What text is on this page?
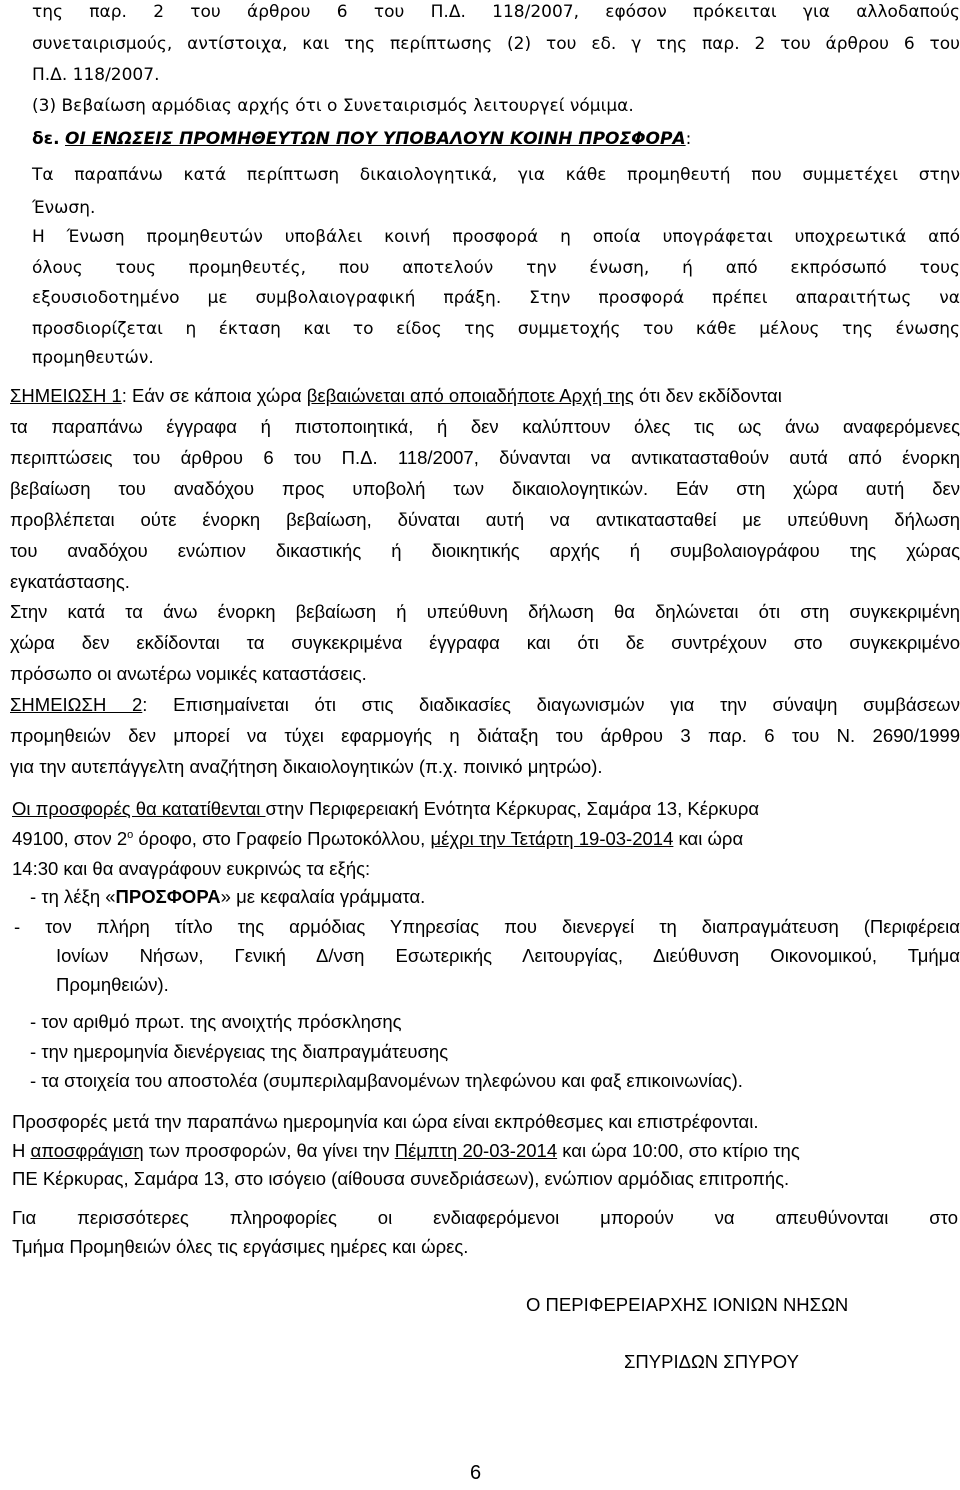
της παρ. 2 του άρθρου 6 του Π.Δ. 118/2007, εφόσον πρόκειται για αλλοδαπούς
συνεταιρισμούς, αντίστοιχα, και της περίπτωσης (2) του εδ. γ της παρ. 2 του άρθρου 6 του
Π.Δ. 118/2007.
(3) Βεβαίωση αρμόδιας αρχής ότι ο Συνεταιρισμός λειτουργεί νόμιμα.
δε. ΟΙ ΕΝΩΣΕΙΣ ΠΡΟΜΗΘΕΥΤΩΝ ΠΟΥ ΥΠΟΒΑΛΟΥΝ ΚΟΙΝΗ ΠΡΟΣΦΟΡΑ:
Τα παραπάνω κατά περίπτωση δικαιολογητικά, για κάθε προμηθευτή που συμμετέχει στην
Ένωση.
Η Ένωση προμηθευτών υποβάλει κοινή προσφορά η οποία υπογράφεται υποχρεωτικά από
όλους τους προμηθευτές, που αποτελούν την ένωση, ή από εκπρόσωπό τους
εξουσιοδοτημένο με συμβολαιογραφική πράξη. Στην προσφορά πρέπει απαραιτήτως να
προσδιορίζεται η έκταση και το είδος της συμμετοχής του κάθε μέλους της ένωσης
προμηθευτών.
ΣΗΜΕΙΩΣΗ 1: Εάν σε κάποια χώρα βεβαιώνεται από οποιαδήποτε Αρχή της ότι δεν εκδίδονται
τα παραπάνω έγγραφα ή πιστοποιητικά, ή δεν καλύπτουν όλες τις ως άνω αναφερόμενες
περιπτώσεις του άρθρου 6 του Π.Δ. 118/2007, δύνανται να αντικατασταθούν αυτά από ένορκη
βεβαίωση του αναδόχου προς υποβολή των δικαιολογητικών. Εάν στη χώρα αυτή δεν
προβλέπεται ούτε ένορκη βεβαίωση, δύναται αυτή να αντικατασταθεί με υπεύθυνη δήλωση
του αναδόχου ενώπιον δικαστικής ή διοικητικής αρχής ή συμβολαιογράφου της χώρας
εγκατάστασης.
Στην κατά τα άνω ένορκη βεβαίωση ή υπεύθυνη δήλωση θα δηλώνεται ότι στη συγκεκριμένη
χώρα δεν εκδίδονται τα συγκεκριμένα έγγραφα και ότι δε συντρέχουν στο συγκεκριμένο
πρόσωπο οι ανωτέρω νομικές καταστάσεις.
ΣΗΜΕΙΩΣΗ 2: Επισημαίνεται ότι στις διαδικασίες διαγωνισμών για την σύναψη συμβάσεων
προμηθειών δεν μπορεί να τύχει εφαρμογής η διάταξη του άρθρου 3 παρ. 6 του Ν. 2690/1999
για την αυτεπάγγελτη αναζήτηση δικαιολογητικών (π.χ. ποινικό μητρώο).
Οι προσφορές θα κατατίθενται στην Περιφερειακή Ενότητα Κέρκυρας, Σαμάρα 13, Κέρκυρα
49100, στον $2^o$ όροφο, στο Γραφείο Πρωτοκόλλου, μέχρι την Τετάρτη 19-03-2014 και ώρα
14:30 και θα αναγράφουν ευκρινώς τα εξής:
- τη λέξη «ΠΡΟΣΦΟΡΑ» με κεφαλαία γράμματα.
- τον πλήρη τίτλο της αρμόδιας Υπηρεσίας που διενεργεί τη διαπραγμάτευση (Περιφέρεια
Ιονίων Νήσων, Γενική Δ/νση Εσωτερικής Λειτουργίας, Διεύθυνση Οικονομικού, Τμήμα
Προμηθειών).
- τον αριθμό πρωτ. της ανοιχτής πρόσκλησης
- την ημερομηνία διενέργειας της διαπραγμάτευσης
- τα στοιχεία του αποστολέα (συμπεριλαμβανομένων τηλεφώνου και φαξ επικοινωνίας).
Προσφορές μετά την παραπάνω ημερομηνία και ώρα είναι εκπρόθεσμες και επιστρέφονται.
Η αποσφράγιση των προσφορών, θα γίνει την Πέμπτη 20-03-2014 και ώρα 10:00, στο κτίριο της
ΠΕ Κέρκυρας, Σαμάρα 13, στο ισόγειο (αίθουσα συνεδριάσεων), ενώπιον αρμόδιας επιτροπής.
Για περισσότερες πληροφορίες οι ενδιαφερόμενοι μπορούν να απευθύνονται στο
Τμήμα Προμηθειών όλες τις εργάσιμες ημέρες και ώρες.
Ο ΠΕΡΙΦΕΡΕΙΑΡΧΗΣ ΙΟΝΙΩΝ ΝΗΣΩΝ
ΣΠΥΡΙΔΩΝ ΣΠΥΡΟΥ
6
